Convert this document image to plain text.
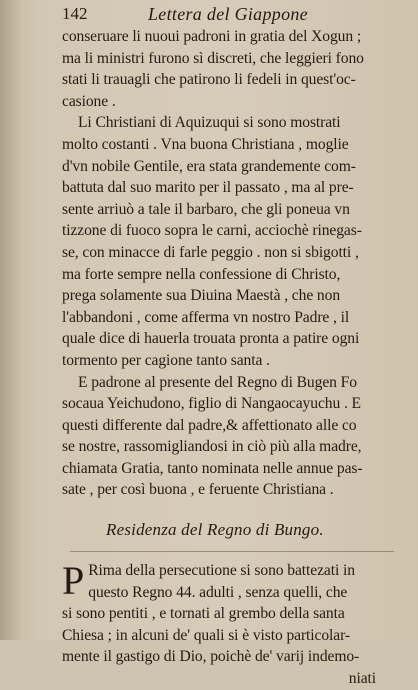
142	Lettera del Giappone
conseruare li nuoui padroni in gratia del Xogun ;
ma li ministri furono sì discreti, che leggieri fono
stati li trauagli che patirono li fedeli in quest'oc-
casione .
Li Christiani di Aquizuqui si sono mostrati
molto costanti . Vna buona Christiana , moglie
d'vn nobile Gentile, era stata grandemente com-
battuta dal suo marito per il passato , ma al pre-
sente arriuò a tale il barbaro, che gli poneua vn
tizzone di fuoco sopra le carni, acciochè rinegas-
se, con minacce di farle peggio . non si sbigotti ,
ma forte sempre nella confessione di Christo,
prega solamente sua Diuina Maestà , che non
l'abbandoni , come afferma vn nostro Padre , il
quale dice di hauerla trouata pronta a patire ogni
tormento per cagione tanto santa .
E padrone al presente del Regno di Bugen Fo
socaua Yeichudono, figlio di Nangaocayuchu . E
questi differente dal padre,& affettionato alle co
se nostre, rassomigliandosi in ciò più alla madre,
chiamata Gratia, tanto nominata nelle annue pas-
sate , per così buona , e feruente Christiana .
Residenza del Regno di Bungo.
P Rima della persecutione si sono battezati in
questo Regno 44. adulti , senza quelli, che
si sono pentiti , e tornati al grembo della santa
Chiesa ; in alcuni de' quali si è visto particolar-
mente il gastigo di Dio, poichè de' varij indemo-
niati
